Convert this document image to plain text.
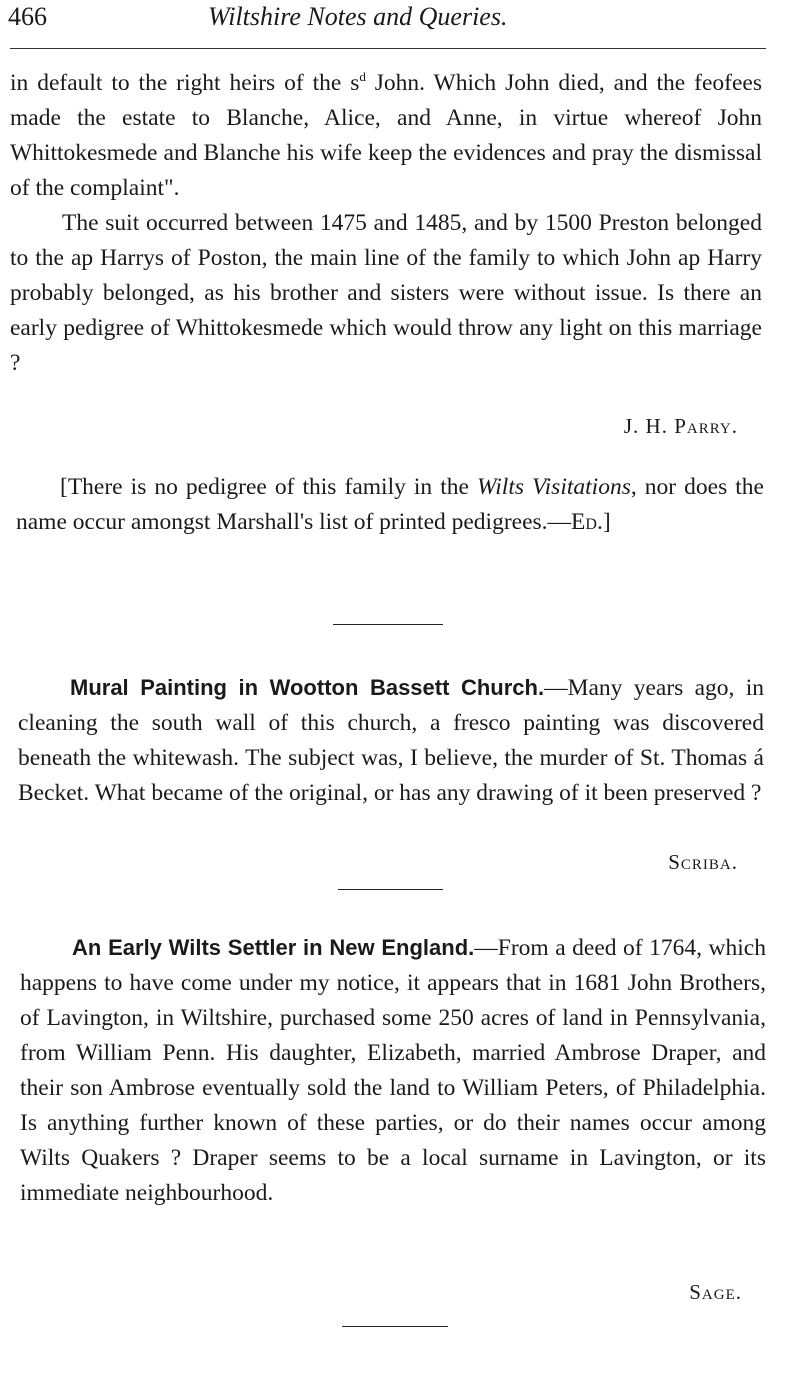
466	Wiltshire Notes and Queries.

in default to the right heirs of the $s^d$ John. Which John died, and the feofees made the estate to Blanche, Alice, and Anne, in virtue whereof John Whittokesmede and Blanche his wife keep the evidences and pray the dismissal of the complaint".

The suit occurred between 1475 and 1485, and by 1500 Preston belonged to the ap Harrys of Poston, the main line of the family to which John ap Harry probably belonged, as his brother and sisters were without issue. Is there an early pedigree of Whittokesmede which would throw any light on this marriage ?

J. H. Parry.

[There is no pedigree of this family in the Wilts Visitations, nor does the name occur amongst Marshall's list of printed pedigrees.—Ed.]

Mural Painting in Wootton Bassett Church.—Many years ago, in cleaning the south wall of this church, a fresco painting was discovered beneath the whitewash. The subject was, I believe, the murder of St. Thomas á Becket. What became of the original, or has any drawing of it been preserved ?

Scriba.

An Early Wilts Settler in New England.—From a deed of 1764, which happens to have come under my notice, it appears that in 1681 John Brothers, of Lavington, in Wiltshire, purchased some 250 acres of land in Pennsylvania, from William Penn. His daughter, Elizabeth, married Ambrose Draper, and their son Ambrose eventually sold the land to William Peters, of Philadelphia. Is anything further known of these parties, or do their names occur among Wilts Quakers ? Draper seems to be a local surname in Lavington, or its immediate neighbourhood.

Sage.
